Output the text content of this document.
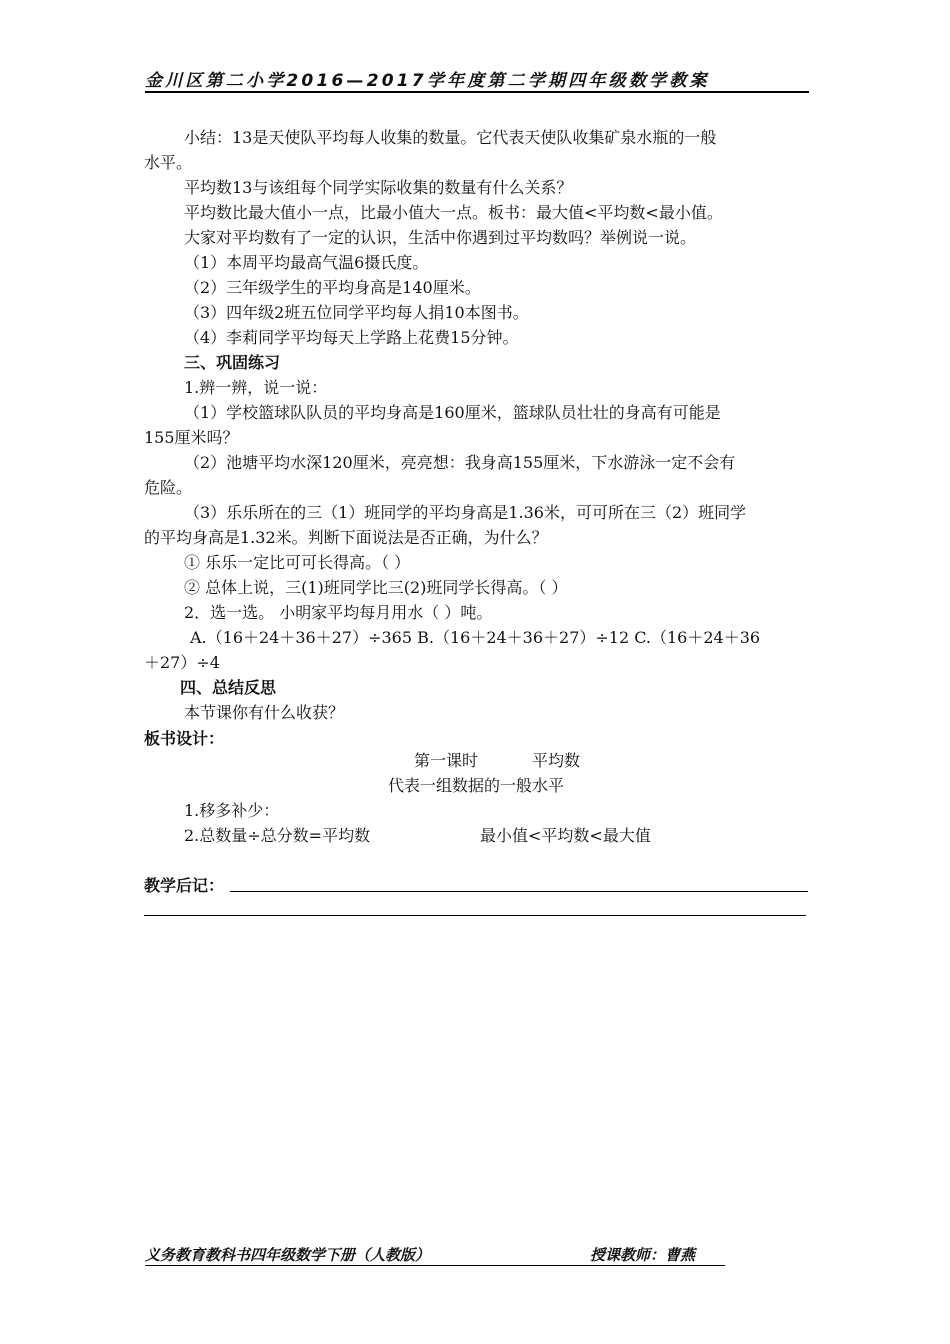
金川区第二小学2016—2017学年度第二学期四年级数学教案
小结：13是天使队平均每人收集的数量。它代表天使队收集矿泉水瓶的一般
水平。
平均数13与该组每个同学实际收集的数量有什么关系？
平均数比最大值小一点，比最小值大一点。板书：最大值<平均数<最小值。
大家对平均数有了一定的认识，生活中你遇到过平均数吗？举例说一说。
（1）本周平均最高气温6摄氏度。
（2）三年级学生的平均身高是140厘米。
（3）四年级2班五位同学平均每人捐10本图书。
（4）李莉同学平均每天上学路上花费15分钟。
三、巩固练习
1.辨一辨，说一说：
（1）学校篮球队队员的平均身高是160厘米，篮球队员壮壮的身高有可能是
155厘米吗？
（2）池塘平均水深120厘米，亮亮想：我身高155厘米，下水游泳一定不会有
危险。
（3）乐乐所在的三（1）班同学的平均身高是1.36米，可可所在三（2）班同学
的平均身高是1.32米。判断下面说法是否正确，为什么？
① 乐乐一定比可可长得高。（ ）
② 总体上说，三(1)班同学比三(2)班同学长得高。（ ）
2．选一选。 小明家平均每月用水（ ）吨。
A.（16＋24＋36＋27）÷365 B.（16＋24＋36＋27）÷12 C.（16＋24＋36
＋27）÷4
四、总结反思
本节课你有什么收获？
板书设计：
第一课时	平均数
代表一组数据的一般水平
1.移多补少：
2.总数量÷总分数=平均数	最小值<平均数<最大值
教学后记：
义务教育教科书四年级数学下册（人教版）	授课教师：曹燕
